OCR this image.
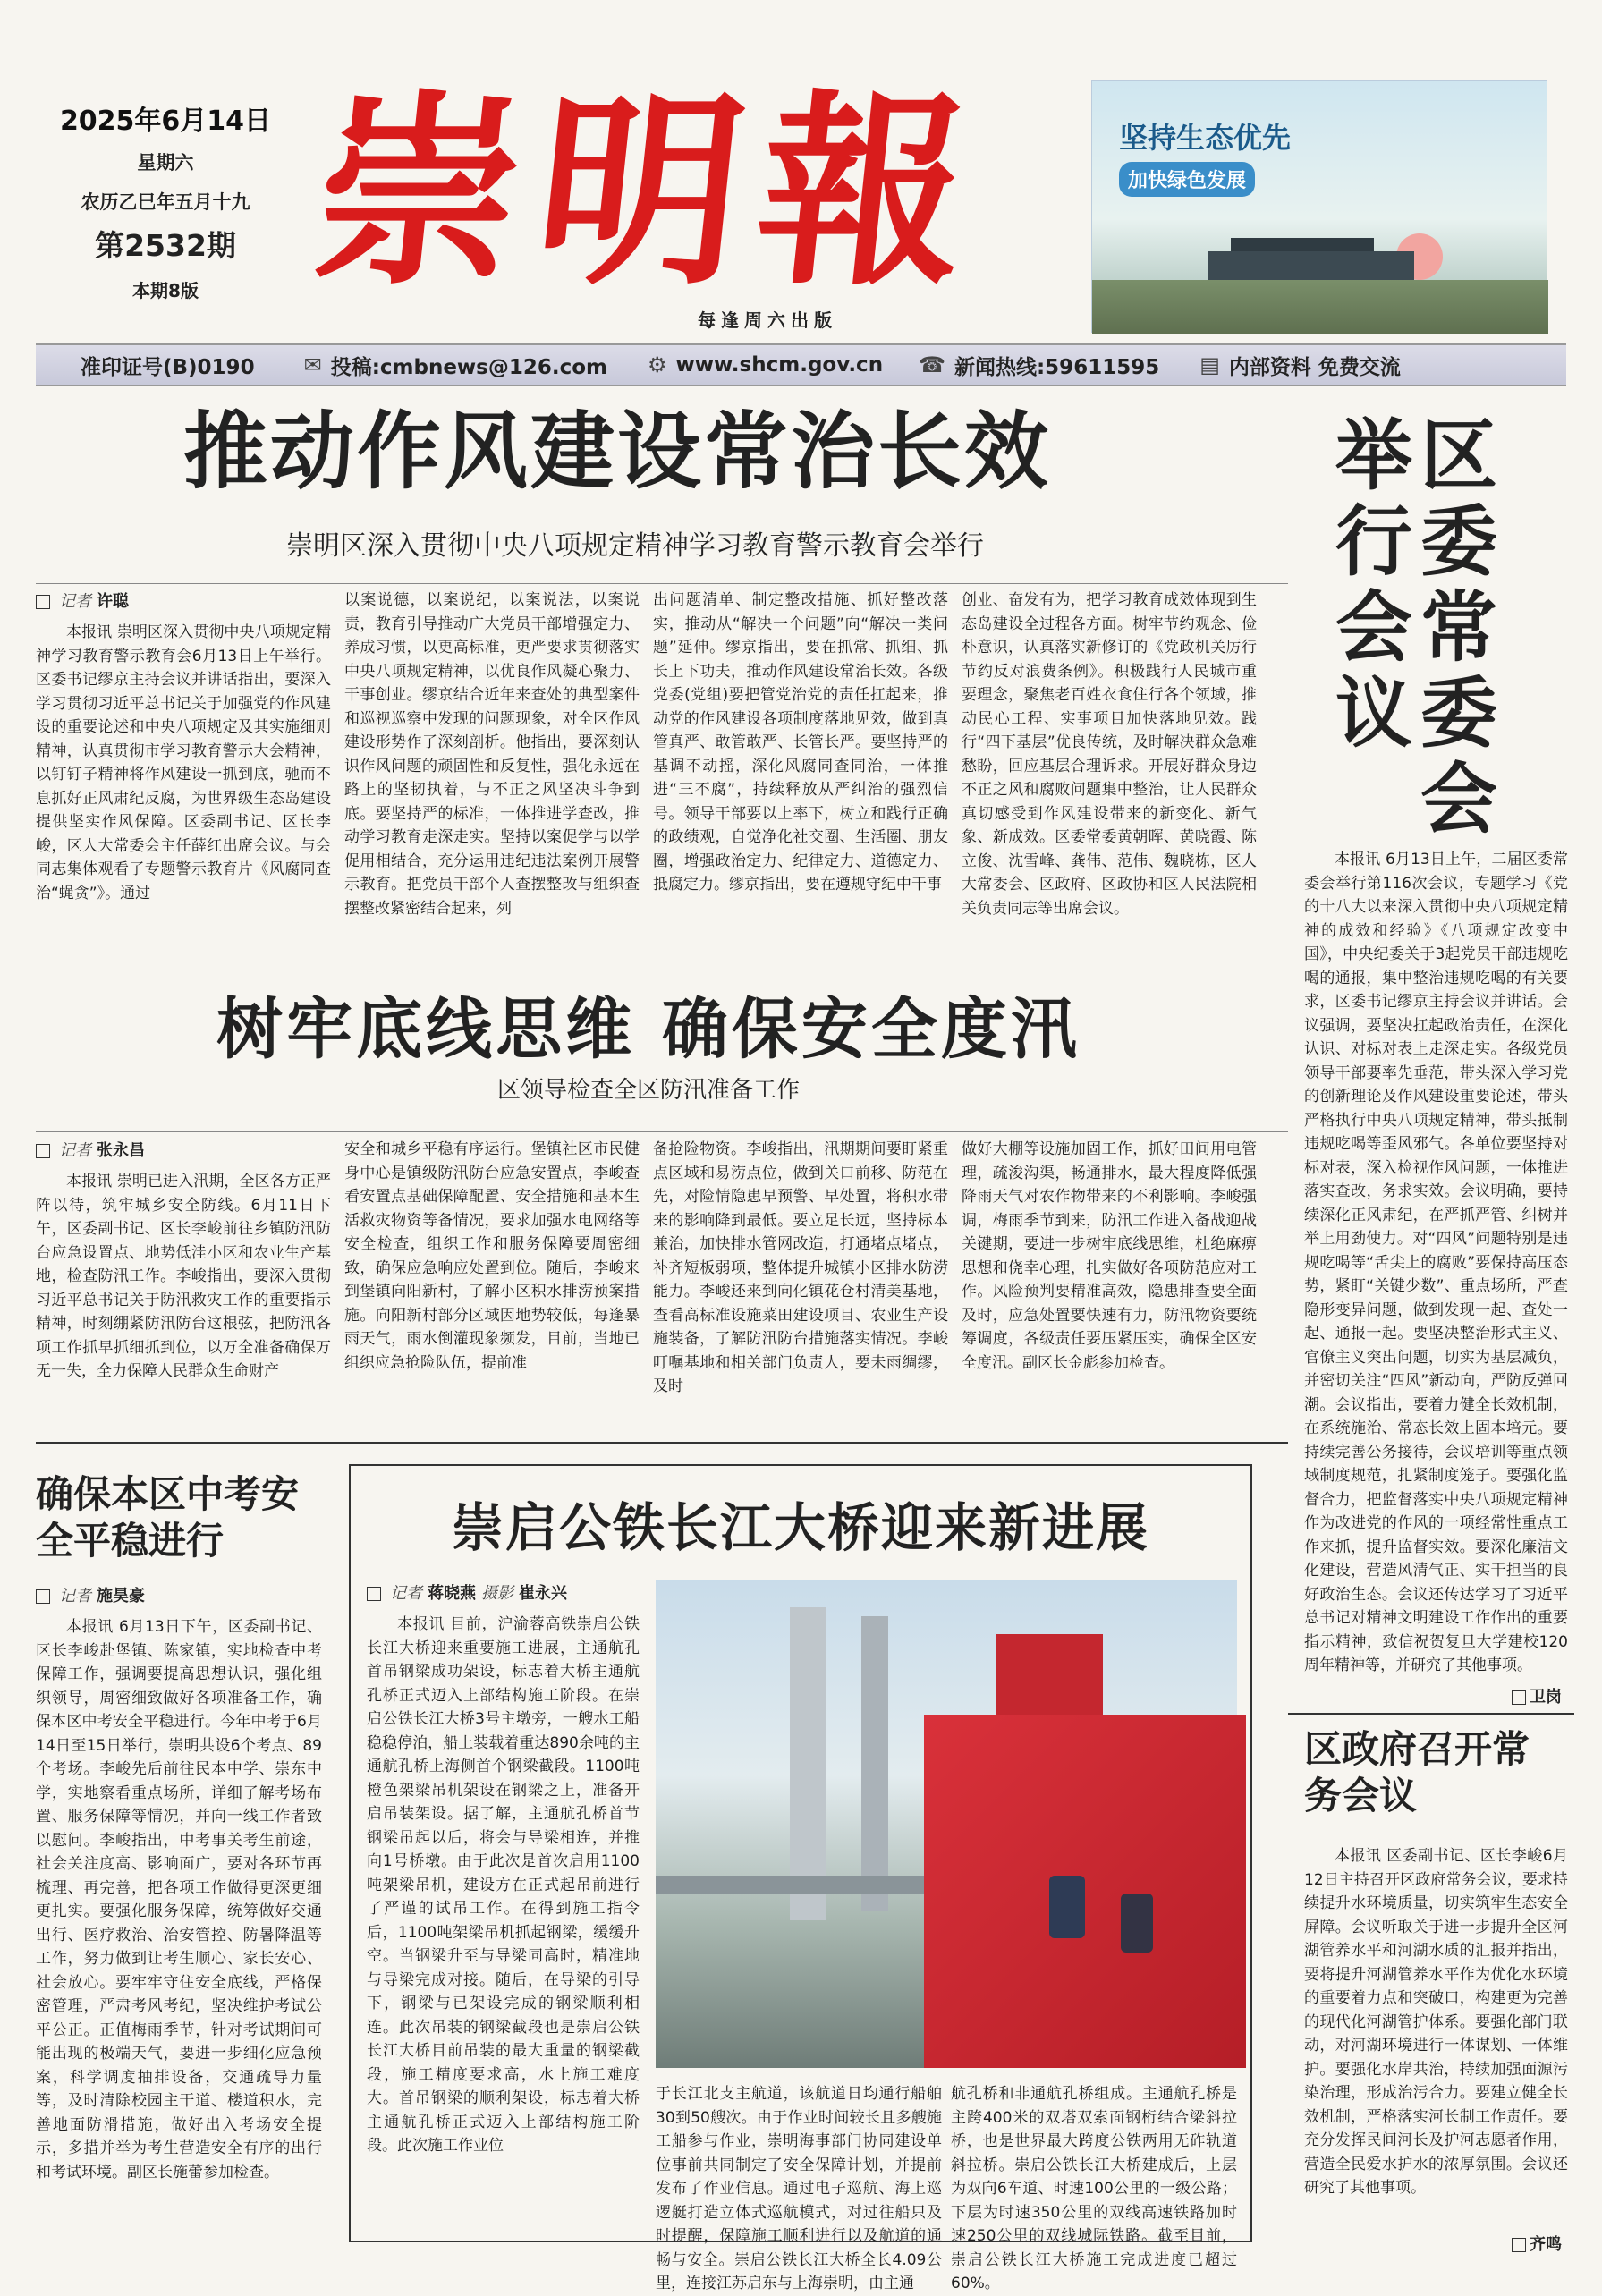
2025年6月14日
星期六
农历乙巳年五月十九
第2532期
本期8版 崇明報
每逢周六出版
坚持生态优先
加快绿色发展
准印证号(B)0190 ✉ 投稿:cmbnews@126.com ⚙ www.shcm.gov.cn ☎ 新闻热线:59611595 ▤ 内部资料 免费交流
推动作风建设常治长效
崇明区深入贯彻中央八项规定精神学习教育警示教育会举行
记者 许聪

本报讯 崇明区深入贯彻中央八项规定精神学习教育警示教育会6月13日上午举行。区委书记缪京主持会议并讲话指出，要深入学习贯彻习近平总书记关于加强党的作风建设的重要论述和中央八项规定及其实施细则精神，认真贯彻市学习教育警示大会精神，以钉钉子精神将作风建设一抓到底，驰而不息抓好正风肃纪反腐，为世界级生态岛建设提供坚实作风保障。区委副书记、区长李峻，区人大常委会主任薛红出席会议。与会同志集体观看了专题警示教育片《风腐同查治“蝇贪”》。通过

以案说德，以案说纪，以案说法，以案说责，教育引导推动广大党员干部增强定力、养成习惯，以更高标准，更严要求贯彻落实中央八项规定精神，以优良作风凝心聚力、干事创业。缪京结合近年来查处的典型案件和巡视巡察中发现的问题现象，对全区作风建设形势作了深刻剖析。他指出，要深刻认识作风问题的顽固性和反复性，强化永远在路上的坚韧执着，与不正之风坚决斗争到底。要坚持严的标准，一体推进学查改，推动学习教育走深走实。坚持以案促学与以学促用相结合，充分运用违纪违法案例开展警示教育。把党员干部个人查摆整改与组织查摆整改紧密结合起来，列

出问题清单、制定整改措施、抓好整改落实，推动从“解决一个问题”向“解决一类问题”延伸。缪京指出，要在抓常、抓细、抓长上下功夫，推动作风建设常治长效。各级党委(党组)要把管党治党的责任扛起来，推动党的作风建设各项制度落地见效，做到真管真严、敢管敢严、长管长严。要坚持严的基调不动摇，深化风腐同查同治，一体推进“三不腐”，持续释放从严纠治的强烈信号。领导干部要以上率下，树立和践行正确的政绩观，自觉净化社交圈、生活圈、朋友圈，增强政治定力、纪律定力、道德定力、抵腐定力。缪京指出，要在遵规守纪中干事

创业、奋发有为，把学习教育成效体现到生态岛建设全过程各方面。树牢节约观念、俭朴意识，认真落实新修订的《党政机关厉行节约反对浪费条例》。积极践行人民城市重要理念，聚焦老百姓衣食住行各个领域，推动民心工程、实事项目加快落地见效。践行“四下基层”优良传统，及时解决群众急难愁盼，回应基层合理诉求。开展好群众身边不正之风和腐败问题集中整治，让人民群众真切感受到作风建设带来的新变化、新气象、新成效。区委常委黄朝晖、黄晓霞、陈立俊、沈雪峰、龚伟、范伟、魏晓栋，区人大常委会、区政府、区政协和区人民法院相关负责同志等出席会议。

举
行
会
议
区
委
常
委
会

本报讯 6月13日上午，二届区委常委会举行第116次会议，专题学习《党的十八大以来深入贯彻中央八项规定精神的成效和经验》《八项规定改变中国》，中央纪委关于3起党员干部违规吃喝的通报，集中整治违规吃喝的有关要求，区委书记缪京主持会议并讲话。会议强调，要坚决扛起政治责任，在深化认识、对标对表上走深走实。各级党员领导干部要率先垂范，带头深入学习党的创新理论及作风建设重要论述，带头严格执行中央八项规定精神，带头抵制违规吃喝等歪风邪气。各单位要坚持对标对表，深入检视作风问题，一体推进落实查改，务求实效。会议明确，要持续深化正风肃纪，在严抓严管、纠树并举上用劲使力。对“四风”问题特别是违规吃喝等“舌尖上的腐败”要保持高压态势，紧盯“关键少数”、重点场所，严查隐形变异问题，做到发现一起、查处一起、通报一起。要坚决整治形式主义、官僚主义突出问题，切实为基层减负，并密切关注“四风”新动向，严防反弹回潮。会议指出，要着力健全长效机制，在系统施治、常态长效上固本培元。要持续完善公务接待，会议培训等重点领域制度规范，扎紧制度笼子。要强化监督合力，把监督落实中央八项规定精神作为改进党的作风的一项经常性重点工作来抓，提升监督实效。要深化廉洁文化建设，营造风清气正、实干担当的良好政治生态。会议还传达学习了习近平总书记对精神文明建设工作作出的重要指示精神，致信祝贺复旦大学建校120周年精神等，并研究了其他事项。

卫岗
树牢底线思维 确保安全度汛
区领导检查全区防汛准备工作
记者 张永昌

本报讯 崇明已进入汛期，全区各方正严阵以待，筑牢城乡安全防线。6月11日下午，区委副书记、区长李峻前往乡镇防汛防台应急设置点、地势低洼小区和农业生产基地，检查防汛工作。李峻指出，要深入贯彻习近平总书记关于防汛救灾工作的重要指示精神，时刻绷紧防汛防台这根弦，把防汛各项工作抓早抓细抓到位，以万全准备确保万无一失，全力保障人民群众生命财产

安全和城乡平稳有序运行。堡镇社区市民健身中心是镇级防汛防台应急安置点，李峻查看安置点基础保障配置、安全措施和基本生活救灾物资等备情况，要求加强水电网络等安全检查，组织工作和服务保障要周密细致，确保应急响应处置到位。随后，李峻来到堡镇向阳新村，了解小区积水排涝预案措施。向阳新村部分区域因地势较低，每逢暴雨天气，雨水倒灌现象频发，目前，当地已组织应急抢险队伍，提前准

备抢险物资。李峻指出，汛期期间要盯紧重点区域和易涝点位，做到关口前移、防范在先，对险情隐患早预警、早处置，将积水带来的影响降到最低。要立足长远，坚持标本兼治，加快排水管网改造，打通堵点堵点，补齐短板弱项，整体提升城镇小区排水防涝能力。李峻还来到向化镇花仓村清美基地，查看高标准设施菜田建设项目、农业生产设施装备，了解防汛防台措施落实情况。李峻叮嘱基地和相关部门负责人，要未雨绸缪，及时

做好大棚等设施加固工作，抓好田间用电管理，疏浚沟渠，畅通排水，最大程度降低强降雨天气对农作物带来的不利影响。李峻强调，梅雨季节到来，防汛工作进入备战迎战关键期，要进一步树牢底线思维，杜绝麻痹思想和侥幸心理，扎实做好各项防范应对工作。风险预判要精准高效，隐患排查要全面及时，应急处置要快速有力，防汛物资要统筹调度，各级责任要压紧压实，确保全区安全度汛。副区长金彪参加检查。

确保本区中考安全平稳进行
记者 施昊豪

本报讯 6月13日下午，区委副书记、区长李峻赴堡镇、陈家镇，实地检查中考保障工作，强调要提高思想认识，强化组织领导，周密细致做好各项准备工作，确保本区中考安全平稳进行。今年中考于6月14日至15日举行，崇明共设6个考点、89个考场。李峻先后前往民本中学、崇东中学，实地察看重点场所，详细了解考场布置、服务保障等情况，并向一线工作者致以慰问。李峻指出，中考事关考生前途，社会关注度高、影响面广，要对各环节再梳理、再完善，把各项工作做得更深更细更扎实。要强化服务保障，统筹做好交通出行、医疗救治、治安管控、防暑降温等工作，努力做到让考生顺心、家长安心、社会放心。要牢牢守住安全底线，严格保密管理，严肃考风考纪，坚决维护考试公平公正。正值梅雨季节，针对考试期间可能出现的极端天气，要进一步细化应急预案，科学调度抽排设备，交通疏导力量等，及时清除校园主干道、楼道积水，完善地面防滑措施，做好出入考场安全提示，多措并举为考生营造安全有序的出行和考试环境。副区长施蕾参加检查。

崇启公铁长江大桥迎来新进展
记者 蒋晓燕 摄影 崔永兴

本报讯 目前，沪渝蓉高铁崇启公铁长江大桥迎来重要施工进展，主通航孔首吊钢梁成功架设，标志着大桥主通航孔桥正式迈入上部结构施工阶段。在崇启公铁长江大桥3号主墩旁，一艘水工船稳稳停泊，船上装载着重达890余吨的主通航孔桥上海侧首个钢梁截段。1100吨橙色架梁吊机架设在钢梁之上，准备开启吊装架设。据了解，主通航孔桥首节钢梁吊起以后，将会与导梁相连，并推向1号桥墩。由于此次是首次启用1100吨架梁吊机，建设方在正式起吊前进行了严谨的试吊工作。在得到施工指令后，1100吨架梁吊机抓起钢梁，缓缓升空。当钢梁升至与导梁同高时，精准地与导梁完成对接。随后，在导梁的引导下，钢梁与已架设完成的钢梁顺利相连。此次吊装的钢梁截段也是崇启公铁长江大桥目前吊装的最大重量的钢梁截段，施工精度要求高，水上施工难度大。首吊钢梁的顺利架设，标志着大桥主通航孔桥正式迈入上部结构施工阶段。此次施工作业位

于长江北支主航道，该航道日均通行船舶30到50艘次。由于作业时间较长且多艘施工船参与作业，崇明海事部门协同建设单位事前共同制定了安全保障计划，并提前发布了作业信息。通过电子巡航、海上巡逻艇打造立体式巡航模式，对过往船只及时提醒，保障施工顺利进行以及航道的通畅与安全。崇启公铁长江大桥全长4.09公里，连接江苏启东与上海崇明，由主通

航孔桥和非通航孔桥组成。主通航孔桥是主跨400米的双塔双索面钢桁结合梁斜拉桥，也是世界最大跨度公铁两用无砟轨道斜拉桥。崇启公铁长江大桥建成后，上层为双向6车道、时速100公里的一级公路；下层为时速350公里的双线高速铁路加时速250公里的双线城际铁路。截至目前，崇启公铁长江大桥施工完成进度已超过60%。

区政府召开常务会议

本报讯 区委副书记、区长李峻6月12日主持召开区政府常务会议，要求持续提升水环境质量，切实筑牢生态安全屏障。会议听取关于进一步提升全区河湖管养水平和河湖水质的汇报并指出，要将提升河湖管养水平作为优化水环境的重要着力点和突破口，构建更为完善的现代化河湖管护体系。要强化部门联动，对河湖环境进行一体谋划、一体维护。要强化水岸共治，持续加强面源污染治理，形成治污合力。要建立健全长效机制，严格落实河长制工作责任。要充分发挥民间河长及护河志愿者作用，营造全民爱水护水的浓厚氛围。会议还研究了其他事项。

齐鸣
